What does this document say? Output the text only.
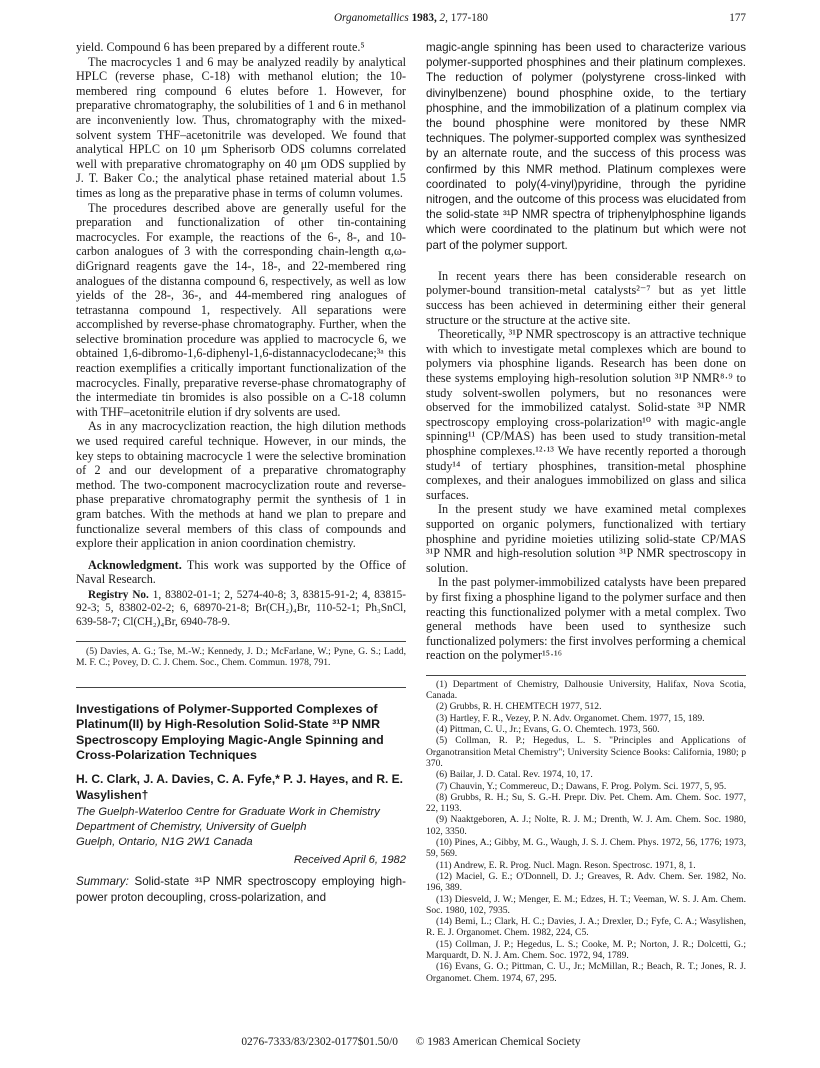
Organometallics 1983, 2, 177-180	177

yield. Compound 6 has been prepared by a different route.⁵

The macrocycles 1 and 6 may be analyzed readily by analytical HPLC (reverse phase, C-18) with methanol elution; the 10-membered ring compound 6 elutes before 1. However, for preparative chromatography, the solubilities of 1 and 6 in methanol are inconveniently low. Thus, chromatography with the mixed-solvent system THF–acetonitrile was developed. We found that analytical HPLC on 10 μm Spherisorb ODS columns correlated well with preparative chromatography on 40 μm ODS supplied by J. T. Baker Co.; the analytical phase retained material about 1.5 times as long as the preparative phase in terms of column volumes.

The procedures described above are generally useful for the preparation and functionalization of other tin-containing macrocycles. For example, the reactions of the 6-, 8-, and 10-carbon analogues of 3 with the corresponding chain-length α,ω-diGrignard reagents gave the 14-, 18-, and 22-membered ring analogues of the distanna compound 6, respectively, as well as low yields of the 28-, 36-, and 44-membered ring analogues of tetrastanna compound 1, respectively. All separations were accomplished by reverse-phase chromatography. Further, when the selective bromination procedure was applied to macrocycle 6, we obtained 1,6-dibromo-1,6-diphenyl-1,6-distannacyclodecane;³ᵃ this reaction exemplifies a critically important functionalization of the macrocycles. Finally, preparative reverse-phase chromatography of the intermediate tin bromides is also possible on a C-18 column with THF–acetonitrile elution if dry solvents are used.

As in any macrocyclization reaction, the high dilution methods we used required careful technique. However, in our minds, the key steps to obtaining macrocycle 1 were the selective bromination of 2 and our development of a preparative chromatography method. The two-component macrocyclization route and reverse-phase preparative chromatography permit the synthesis of 1 in gram batches. With the methods at hand we plan to prepare and functionalize several members of this class of compounds and explore their application in anion coordination chemistry.

Acknowledgment. This work was supported by the Office of Naval Research.

Registry No. 1, 83802-01-1; 2, 5274-40-8; 3, 83815-91-2; 4, 83815-92-3; 5, 83802-02-2; 6, 68970-21-8; Br(CH₂)₄Br, 110-52-1; Ph₃SnCl, 639-58-7; Cl(CH₂)₄Br, 6940-78-9.

(5) Davies, A. G.; Tse, M.-W.; Kennedy, J. D.; McFarlane, W.; Pyne, G. S.; Ladd, M. F. C.; Povey, D. C. J. Chem. Soc., Chem. Commun. 1978, 791.

Investigations of Polymer-Supported Complexes of Platinum(II) by High-Resolution Solid-State ³¹P NMR Spectroscopy Employing Magic-Angle Spinning and Cross-Polarization Techniques
H. C. Clark, J. A. Davies, C. A. Fyfe,* P. J. Hayes, and R. E. Wasylishen†
The Guelph-Waterloo Centre for Graduate Work in Chemistry
Department of Chemistry, University of Guelph
Guelph, Ontario, N1G 2W1 Canada
Received April 6, 1982

Summary: Solid-state ³¹P NMR spectroscopy employing high-power proton decoupling, cross-polarization, and

magic-angle spinning has been used to characterize various polymer-supported phosphines and their platinum complexes. The reduction of polymer (polystyrene cross-linked with divinylbenzene) bound phosphine oxide, to the tertiary phosphine, and the immobilization of a platinum complex via the bound phosphine were monitored by these NMR techniques. The polymer-supported complex was synthesized by an alternate route, and the success of this process was confirmed by this NMR method. Platinum complexes were coordinated to poly(4-vinyl)pyridine, through the pyridine nitrogen, and the outcome of this process was elucidated from the solid-state ³¹P NMR spectra of triphenylphosphine ligands which were coordinated to the platinum but which were not part of the polymer support.

In recent years there has been considerable research on polymer-bound transition-metal catalysts²⁻⁷ but as yet little success has been achieved in determining either their general structure or the structure at the active site.

Theoretically, ³¹P NMR spectroscopy is an attractive technique with which to investigate metal complexes which are bound to polymers via phosphine ligands. Research has been done on these systems employing high-resolution solution ³¹P NMR⁸·⁹ to study solvent-swollen polymers, but no resonances were observed for the immobilized catalyst. Solid-state ³¹P NMR spectroscopy employing cross-polarization¹⁰ with magic-angle spinning¹¹ (CP/MAS) has been used to study transition-metal phosphine complexes.¹²·¹³ We have recently reported a thorough study¹⁴ of tertiary phosphines, transition-metal phosphine complexes, and their analogues immobilized on glass and silica surfaces.

In the present study we have examined metal complexes supported on organic polymers, functionalized with tertiary phosphine and pyridine moieties utilizing solid-state CP/MAS ³¹P NMR and high-resolution solution ³¹P NMR spectroscopy in solution.

In the past polymer-immobilized catalysts have been prepared by first fixing a phosphine ligand to the polymer surface and then reacting this functionalized polymer with a metal complex. Two general methods have been used to synthesize such functionalized polymers: the first involves performing a chemical reaction on the polymer¹⁵·¹⁶

(1) Department of Chemistry, Dalhousie University, Halifax, Nova Scotia, Canada.

(2) Grubbs, R. H. CHEMTECH 1977, 512.

(3) Hartley, F. R., Vezey, P. N. Adv. Organomet. Chem. 1977, 15, 189.

(4) Pittman, C. U., Jr.; Evans, G. O. Chemtech. 1973, 560.

(5) Collman, R. P.; Hegedus, L. S. "Principles and Applications of Organotransition Metal Chemistry"; University Science Books: California, 1980; p 370.

(6) Bailar, J. D. Catal. Rev. 1974, 10, 17.

(7) Chauvin, Y.; Commereuc, D.; Dawans, F. Prog. Polym. Sci. 1977, 5, 95.

(8) Grubbs, R. H.; Su, S. G.-H. Prepr. Div. Pet. Chem. Am. Chem. Soc. 1977, 22, 1193.

(9) Naaktgeboren, A. J.; Nolte, R. J. M.; Drenth, W. J. Am. Chem. Soc. 1980, 102, 3350.

(10) Pines, A.; Gibby, M. G., Waugh, J. S. J. Chem. Phys. 1972, 56, 1776; 1973, 59, 569.

(11) Andrew, E. R. Prog. Nucl. Magn. Reson. Spectrosc. 1971, 8, 1.

(12) Maciel, G. E.; O'Donnell, D. J.; Greaves, R. Adv. Chem. Ser. 1982, No. 196, 389.

(13) Diesveld, J. W.; Menger, E. M.; Edzes, H. T.; Veeman, W. S. J. Am. Chem. Soc. 1980, 102, 7935.

(14) Bemi, L.; Clark, H. C.; Davies, J. A.; Drexler, D.; Fyfe, C. A.; Wasylishen, R. E. J. Organomet. Chem. 1982, 224, C5.

(15) Collman, J. P.; Hegedus, L. S.; Cooke, M. P.; Norton, J. R.; Dolcetti, G.; Marquardt, D. N. J. Am. Chem. Soc. 1972, 94, 1789.

(16) Evans, G. O.; Pittman, C. U., Jr.; McMillan, R.; Beach, R. T.; Jones, R. J. Organomet. Chem. 1974, 67, 295.

0276-7333/83/2302-0177$01.50/0 © 1983 American Chemical Society
